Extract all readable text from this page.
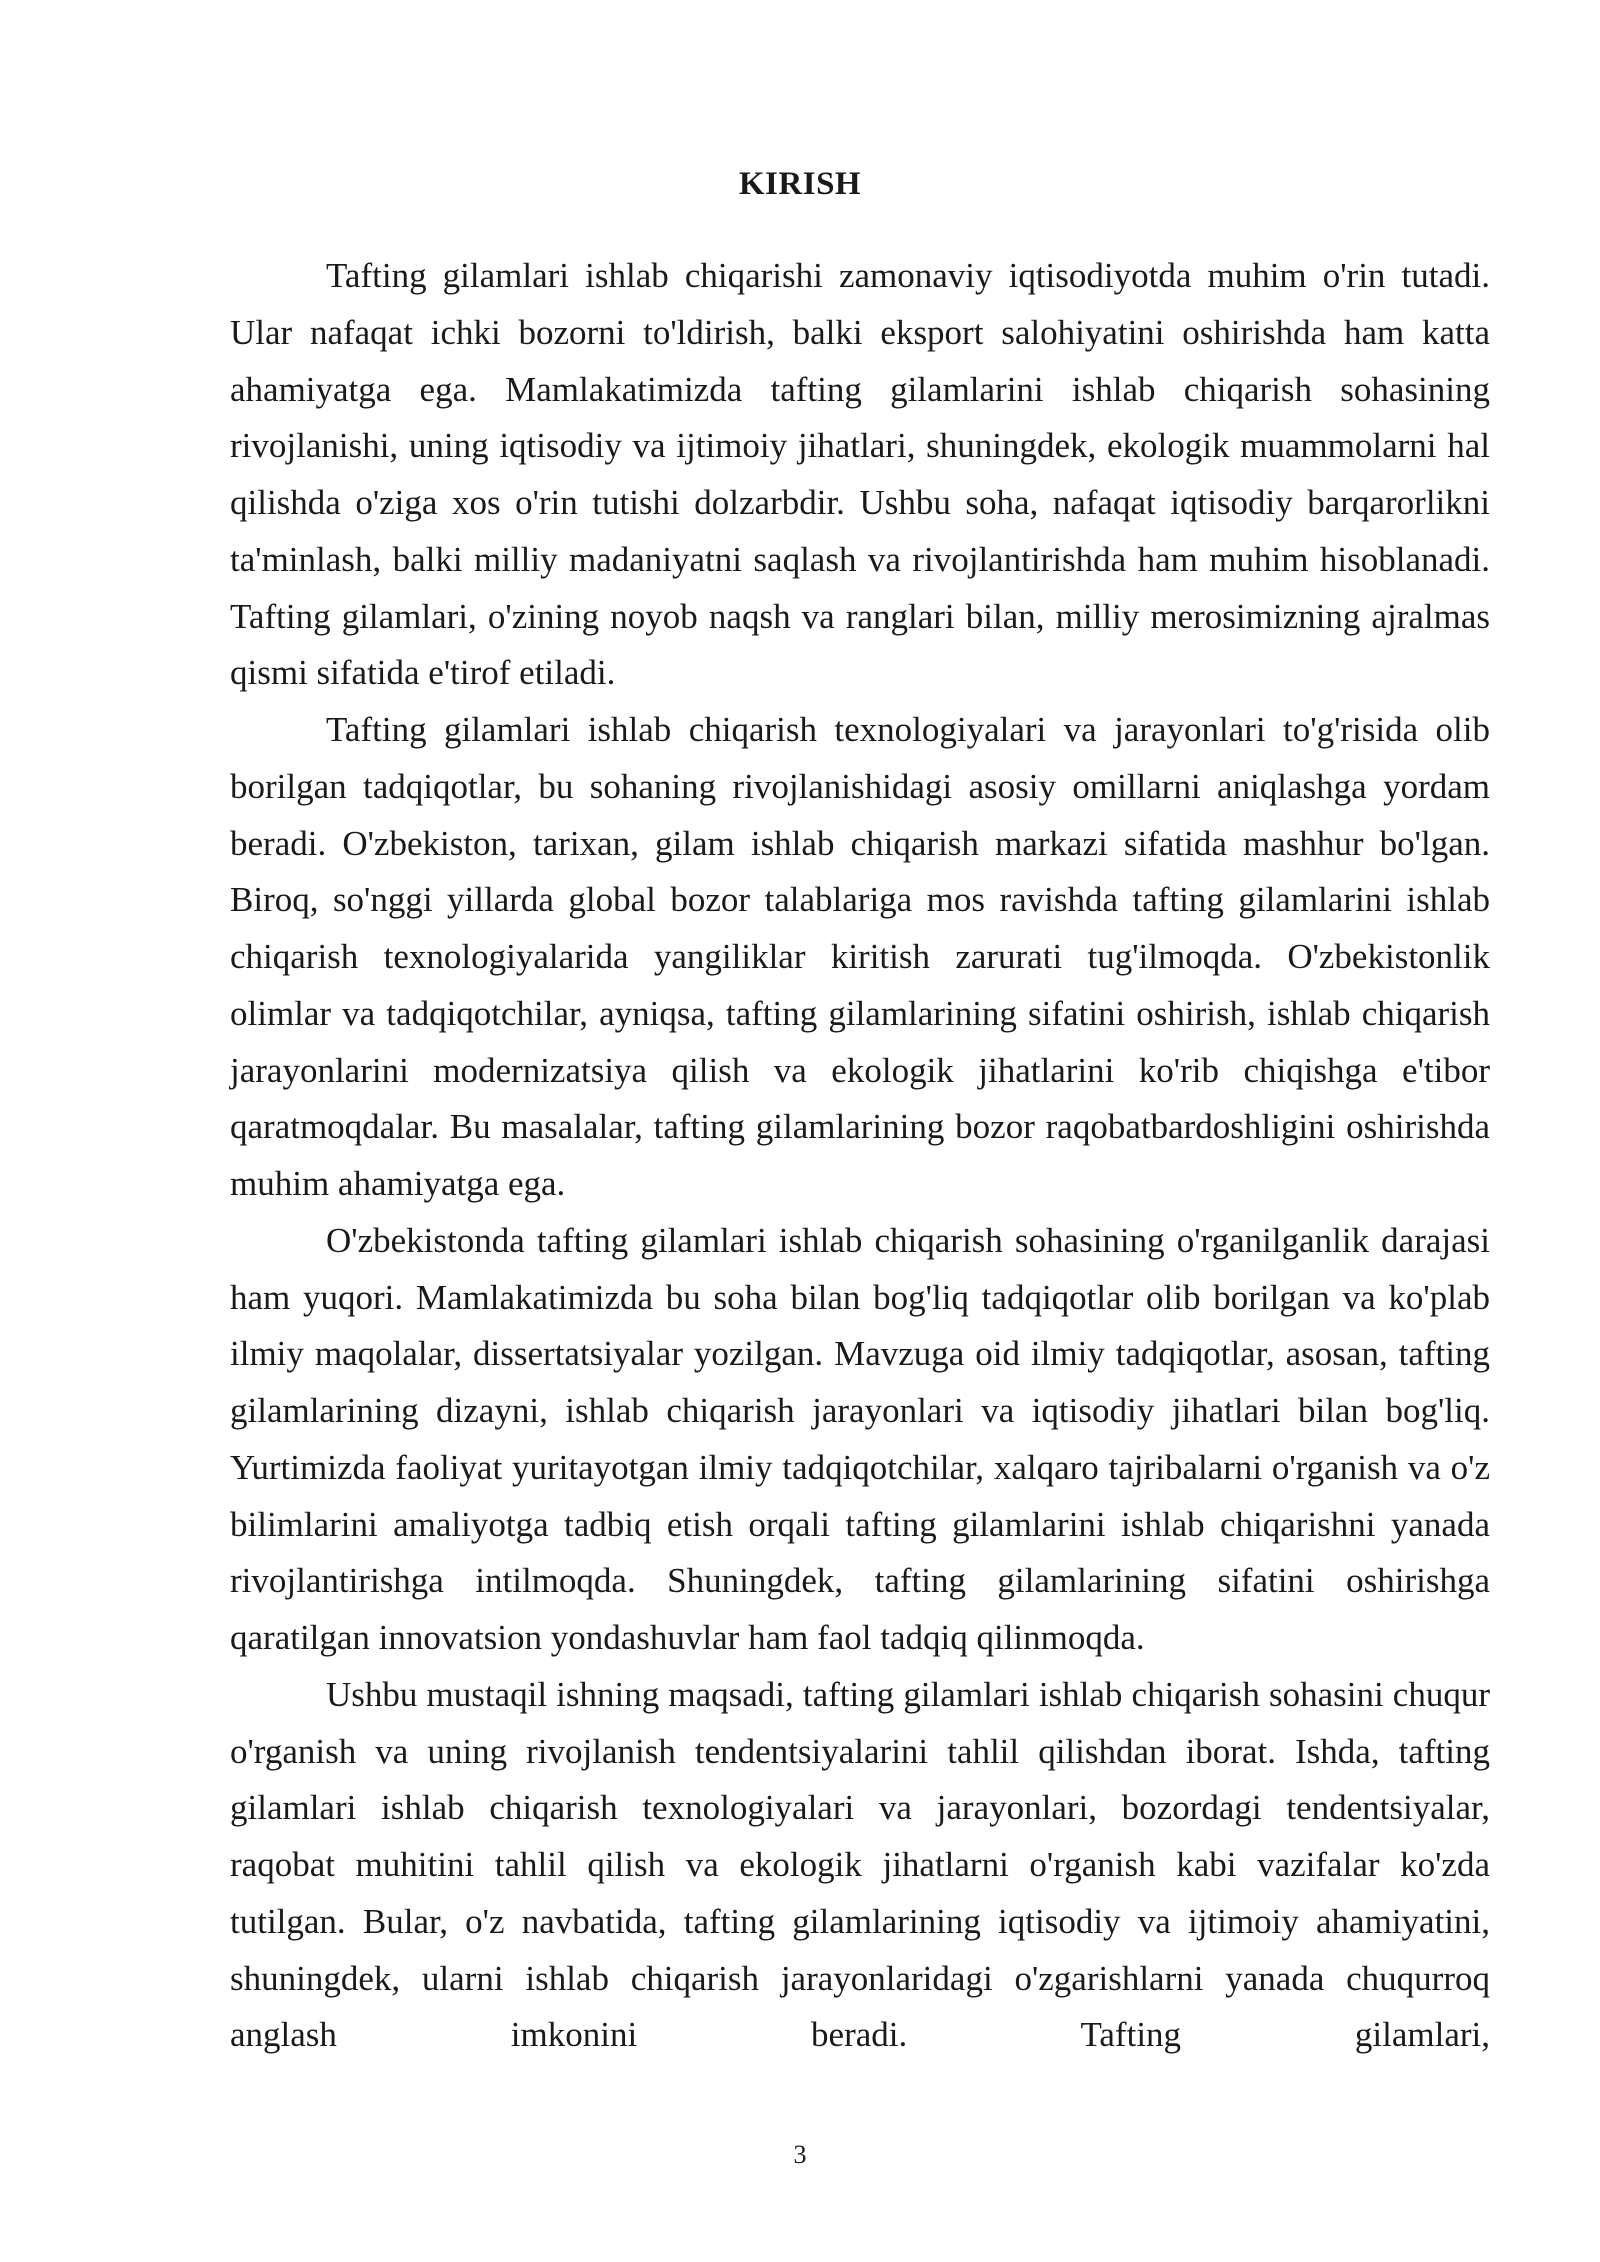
KIRISH

Tafting gilamlari ishlab chiqarishi zamonaviy iqtisodiyotda muhim o'rin tutadi. Ular nafaqat ichki bozorni to'ldirish, balki eksport salohiyatini oshirishda ham katta ahamiyatga ega. Mamlakatimizda tafting gilamlarini ishlab chiqarish sohasining rivojlanishi, uning iqtisodiy va ijtimoiy jihatlari, shuningdek, ekologik muammolarni hal qilishda o'ziga xos o'rin tutishi dolzarbdir. Ushbu soha, nafaqat iqtisodiy barqarorlikni ta'minlash, balki milliy madaniyatni saqlash va rivojlantirishda ham muhim hisoblanadi. Tafting gilamlari, o'zining noyob naqsh va ranglari bilan, milliy merosimizning ajralmas qismi sifatida e'tirof etiladi.

Tafting gilamlari ishlab chiqarish texnologiyalari va jarayonlari to'g'risida olib borilgan tadqiqotlar, bu sohaning rivojlanishidagi asosiy omillarni aniqlashga yordam beradi. O'zbekiston, tarixan, gilam ishlab chiqarish markazi sifatida mashhur bo'lgan. Biroq, so'nggi yillarda global bozor talablariga mos ravishda tafting gilamlarini ishlab chiqarish texnologiyalarida yangiliklar kiritish zarurati tug'ilmoqda. O'zbekistonlik olimlar va tadqiqotchilar, ayniqsa, tafting gilamlarining sifatini oshirish, ishlab chiqarish jarayonlarini modernizatsiya qilish va ekologik jihatlarini ko'rib chiqishga e'tibor qaratmoqdalar. Bu masalalar, tafting gilamlarining bozor raqobatbardoshligini oshirishda muhim ahamiyatga ega.

O'zbekistonda tafting gilamlari ishlab chiqarish sohasining o'rganilganlik darajasi ham yuqori. Mamlakatimizda bu soha bilan bog'liq tadqiqotlar olib borilgan va ko'plab ilmiy maqolalar, dissertatsiyalar yozilgan. Mavzuga oid ilmiy tadqiqotlar, asosan, tafting gilamlarining dizayni, ishlab chiqarish jarayonlari va iqtisodiy jihatlari bilan bog'liq. Yurtimizda faoliyat yuritayotgan ilmiy tadqiqotchilar, xalqaro tajribalarni o'rganish va o'z bilimlarini amaliyotga tadbiq etish orqali tafting gilamlarini ishlab chiqarishni yanada rivojlantirishga intilmoqda. Shuningdek, tafting gilamlarining sifatini oshirishga qaratilgan innovatsion yondashuvlar ham faol tadqiq qilinmoqda.

Ushbu mustaqil ishning maqsadi, tafting gilamlari ishlab chiqarish sohasini chuqur o'rganish va uning rivojlanish tendentsiyalarini tahlil qilishdan iborat. Ishda, tafting gilamlari ishlab chiqarish texnologiyalari va jarayonlari, bozordagi tendentsiyalar, raqobat muhitini tahlil qilish va ekologik jihatlarni o'rganish kabi vazifalar ko'zda tutilgan. Bular, o'z navbatida, tafting gilamlarining iqtisodiy va ijtimoiy ahamiyatini, shuningdek, ularni ishlab chiqarish jarayonlaridagi o'zgarishlarni yanada chuqurroq anglash imkonini beradi. Tafting gilamlari,

3
